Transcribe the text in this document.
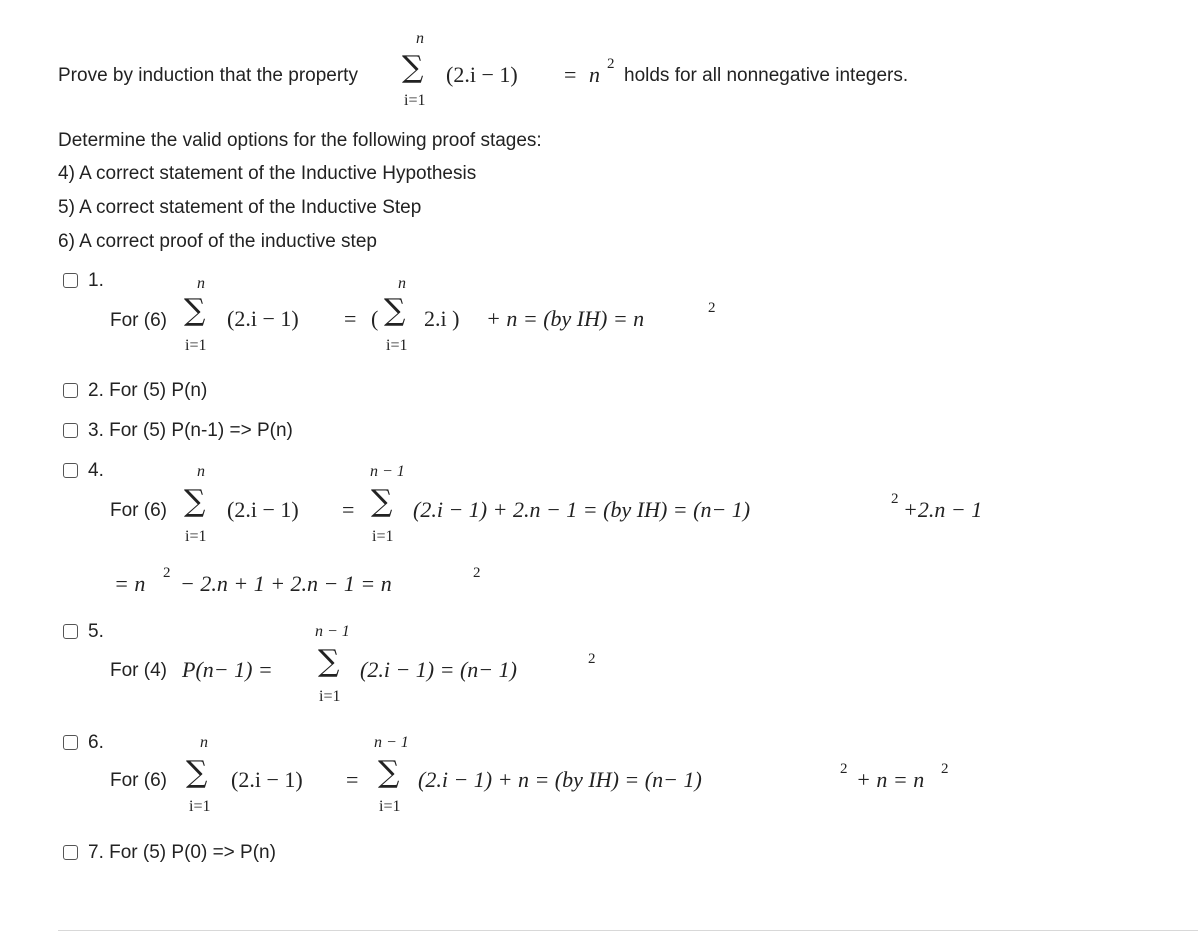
Prove by induction that the property
n
∑
i=1
(2.i − 1) = n 2
holds for all nonnegative integers.
Determine the valid options for the following proof stages:
4) A correct statement of the Inductive Hypothesis
5) A correct statement of the Inductive Step
6) A correct proof of the inductive step
1.
For (6)
n
∑
i=1
(2.i − 1) = (
n
∑
i=1
2.i ) + n = (by IH) = n	2
2. For (5) P(n)
3. For (5) P(n-1) => P(n)
4.
For (6)
n
∑
i=1
(2.i − 1) =
n − 1
∑
i=1
(2.i − 1) + 2.n − 1 = (by IH) = (n− 1)	2 +2.n − 1
= n 2 − 2.n + 1 + 2.n − 1 = n	2
5.
For (4) P(n− 1) =
n − 1
∑
i=1
(2.i − 1) = (n− 1)	2
6.
For (6)
n
∑
i=1
(2.i − 1) =
n − 1
∑
i=1
(2.i − 1) + n = (by IH) = (n− 1)	2 + n = n 2
7. For (5) P(0) => P(n)
